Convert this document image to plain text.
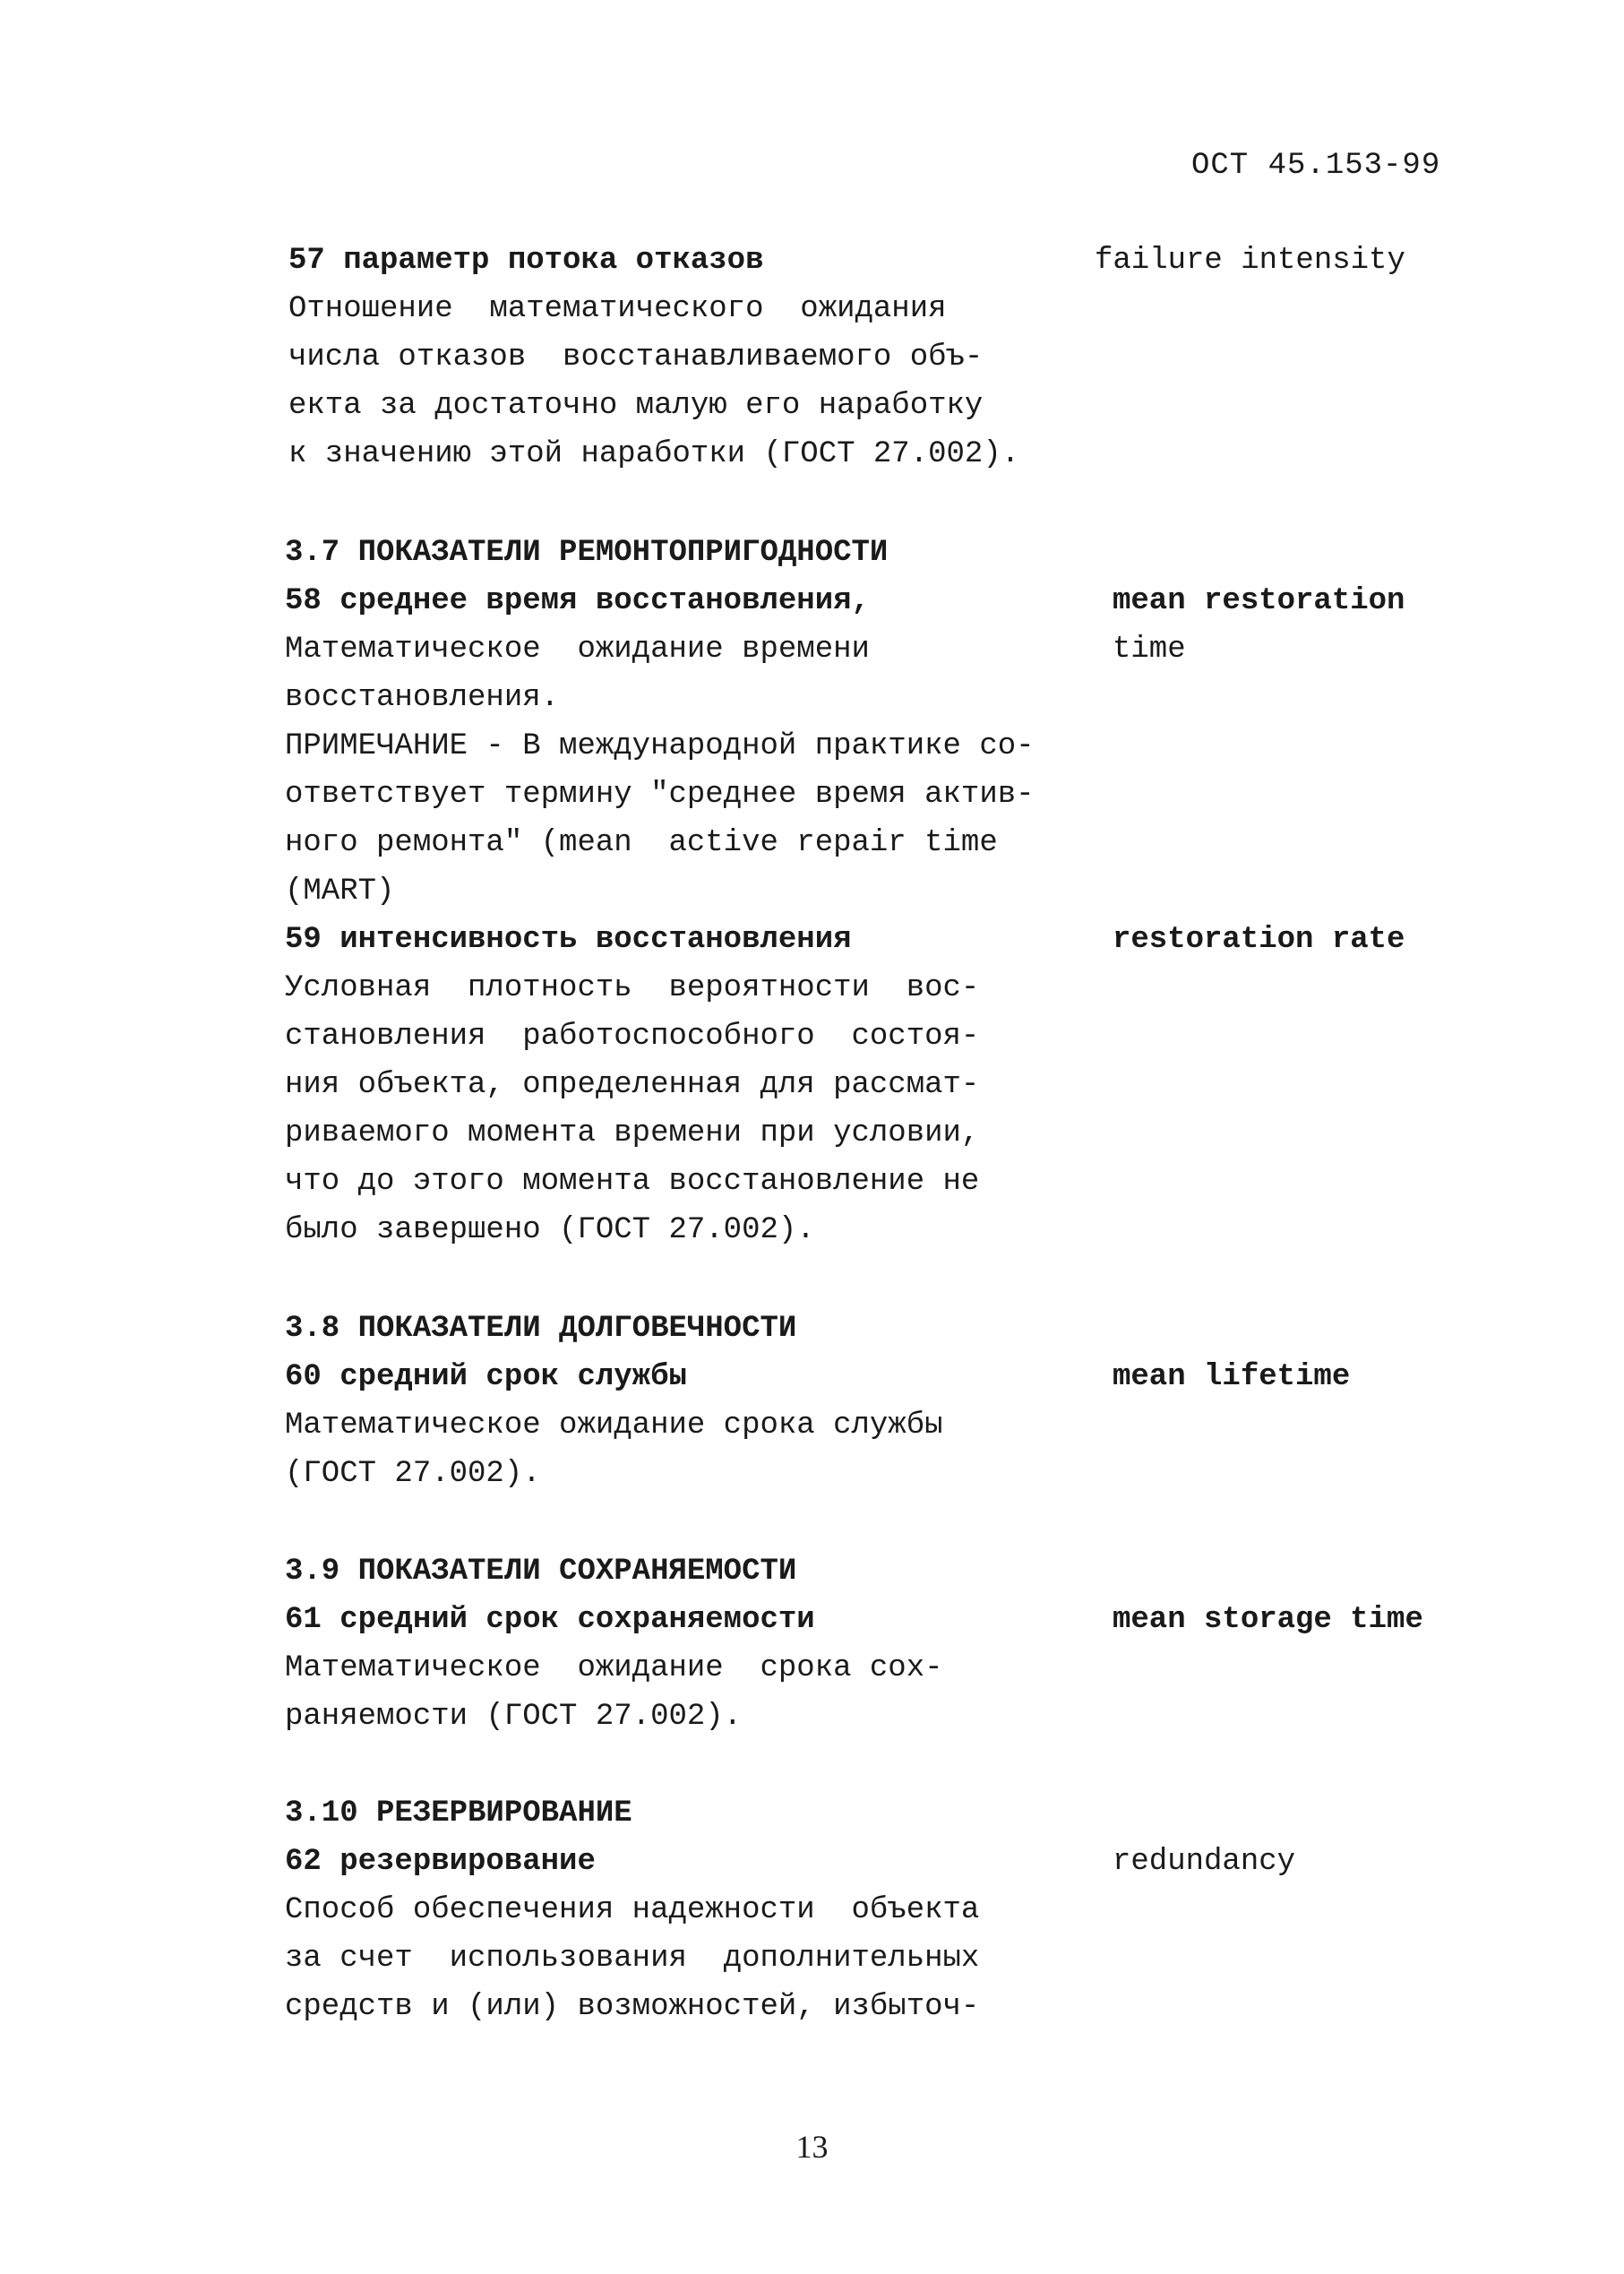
ОСТ 45.153-99
57 параметр потока отказов	failure intensity
Отношение  математического  ожидания
числа отказов  восстанавливаемого объ-
екта за достаточно малую его наработку
к значению этой наработки (ГОСТ 27.002).
3.7 ПОКАЗАТЕЛИ РЕМОНТОПРИГОДНОСТИ
58 среднее время восстановления,	mean restoration
Математическое  ожидание времени	time
восстановления.
ПРИМЕЧАНИЕ - В международной практике со-
ответствует термину "среднее время актив-
ного ремонта" (mean  active repair time
(MART)
59 интенсивность восстановления	restoration rate
Условная  плотность  вероятности  вос-
становления  работоспособного  состоя-
ния объекта, определенная для рассмат-
риваемого момента времени при условии,
что до этого момента восстановление не
было завершено (ГОСТ 27.002).
3.8 ПОКАЗАТЕЛИ ДОЛГОВЕЧНОСТИ
60 средний срок службы	mean lifetime
Математическое ожидание срока службы
(ГОСТ 27.002).
3.9 ПОКАЗАТЕЛИ СОХРАНЯЕМОСТИ
61 средний срок сохраняемости	mean storage time
Математическое  ожидание  срока сох-
раняемости (ГОСТ 27.002).
3.10 РЕЗЕРВИРОВАНИЕ
62 резервирование	redundancy
Способ обеспечения надежности  объекта
за счет  использования  дополнительных
средств и (или) возможностей, избыточ-
13
